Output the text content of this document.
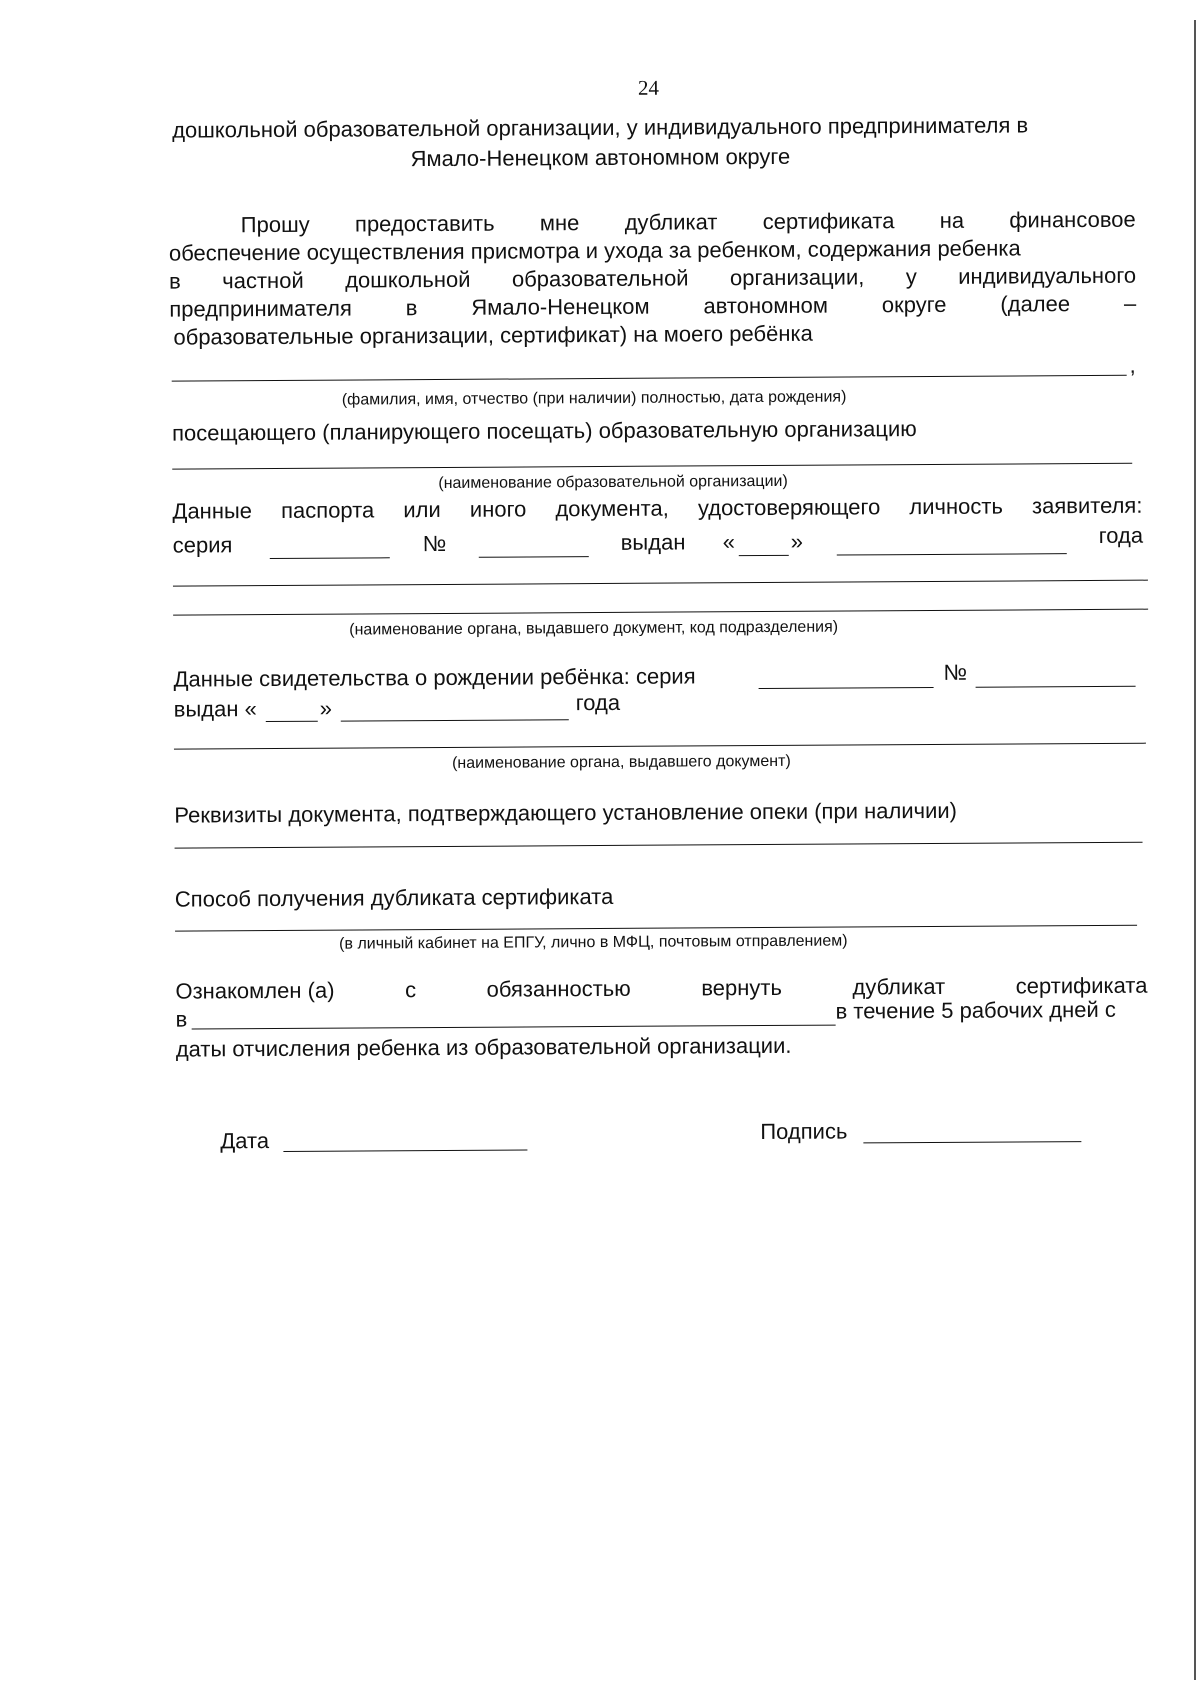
24
дошкольной образовательной организации, у индивидуального предпринимателя в
Ямало-Ненецком автономном округе
Прошу предоставить мне дубликат сертификата на финансовое
обеспечение осуществления присмотра и ухода за ребенком, содержания ребенка
в частной дошкольной образовательной организации, у индивидуального
предпринимателя в Ямало-Ненецком автономном округе (далее –
образовательные организации, сертификат) на моего ребёнка
,
(фамилия, имя, отчество (при наличии) полностью, дата рождения)
посещающего (планирующего посещать) образовательную организацию
(наименование образовательной организации)
Данные паспорта или иного документа, удостоверяющего личность заявителя:
серия	№	выдан «	»	года
(наименование органа, выдавшего документ, код подразделения)
Данные свидетельства о рождении ребёнка: серия	№
выдан «	»	года
(наименование органа, выдавшего документ)
Реквизиты документа, подтверждающего установление опеки (при наличии)
Способ получения дубликата сертификата
(в личный кабинет на ЕПГУ, лично в МФЦ, почтовым отправлением)
Ознакомлен (а)	с	обязанностью	вернуть	дубликат	сертификата
в	в течение 5 рабочих дней с
даты отчисления ребенка из образовательной организации.
Дата	Подпись
